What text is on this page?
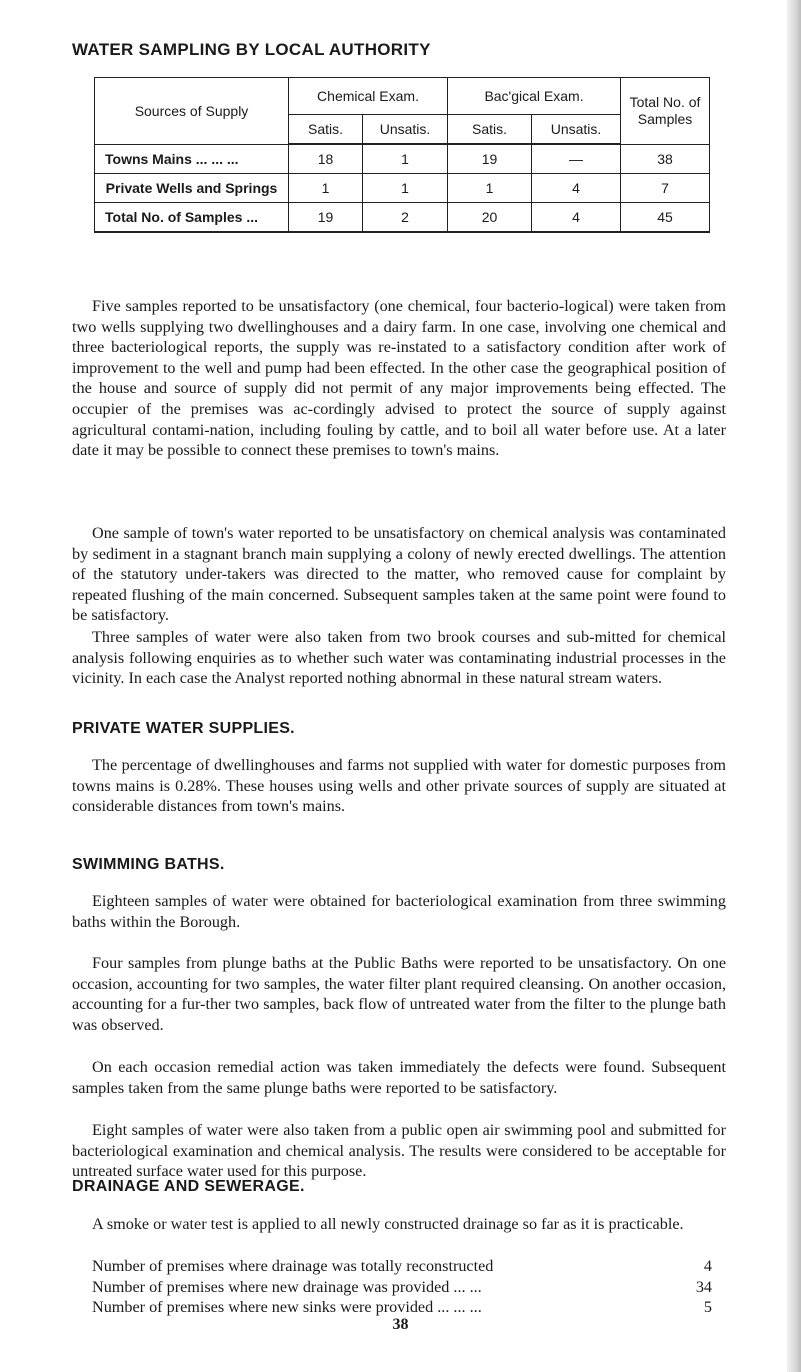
WATER SAMPLING BY LOCAL AUTHORITY
Sources of Supply	Chemical Exam.		Bac'gical Exam.		Total No. of Samples
	Satis.	Unsatis.	Satis.	Unsatis.	
Towns Mains ... ... ...	18	1	19	—	38
Private Wells and Springs	1	1	1	4	7
Total No. of Samples ...	19	2	20	4	45

Five samples reported to be unsatisfactory (one chemical, four bacterio-logical) were taken from two wells supplying two dwellinghouses and a dairy farm. In one case, involving one chemical and three bacteriological reports, the supply was re-instated to a satisfactory condition after work of improvement to the well and pump had been effected. In the other case the geographical position of the house and source of supply did not permit of any major improvements being effected. The occupier of the premises was ac-cordingly advised to protect the source of supply against agricultural contami-nation, including fouling by cattle, and to boil all water before use. At a later date it may be possible to connect these premises to town's mains.

One sample of town's water reported to be unsatisfactory on chemical analysis was contaminated by sediment in a stagnant branch main supplying a colony of newly erected dwellings. The attention of the statutory under-takers was directed to the matter, who removed cause for complaint by repeated flushing of the main concerned. Subsequent samples taken at the same point were found to be satisfactory.

Three samples of water were also taken from two brook courses and sub-mitted for chemical analysis following enquiries as to whether such water was contaminating industrial processes in the vicinity. In each case the Analyst reported nothing abnormal in these natural stream waters.

PRIVATE WATER SUPPLIES.

The percentage of dwellinghouses and farms not supplied with water for domestic purposes from towns mains is 0.28%. These houses using wells and other private sources of supply are situated at considerable distances from town's mains.

SWIMMING BATHS.

Eighteen samples of water were obtained for bacteriological examination from three swimming baths within the Borough.

Four samples from plunge baths at the Public Baths were reported to be unsatisfactory. On one occasion, accounting for two samples, the water filter plant required cleansing. On another occasion, accounting for a fur-ther two samples, back flow of untreated water from the filter to the plunge bath was observed.

On each occasion remedial action was taken immediately the defects were found. Subsequent samples taken from the same plunge baths were reported to be satisfactory.

Eight samples of water were also taken from a public open air swimming pool and submitted for bacteriological examination and chemical analysis. The results were considered to be acceptable for untreated surface water used for this purpose.

DRAINAGE AND SEWERAGE.

A smoke or water test is applied to all newly constructed drainage so far as it is practicable.

Number of premises where drainage was totally reconstructed	4
Number of premises where new drainage was provided ... ...	34
Number of premises where new sinks were provided ... ... ...	5
38
